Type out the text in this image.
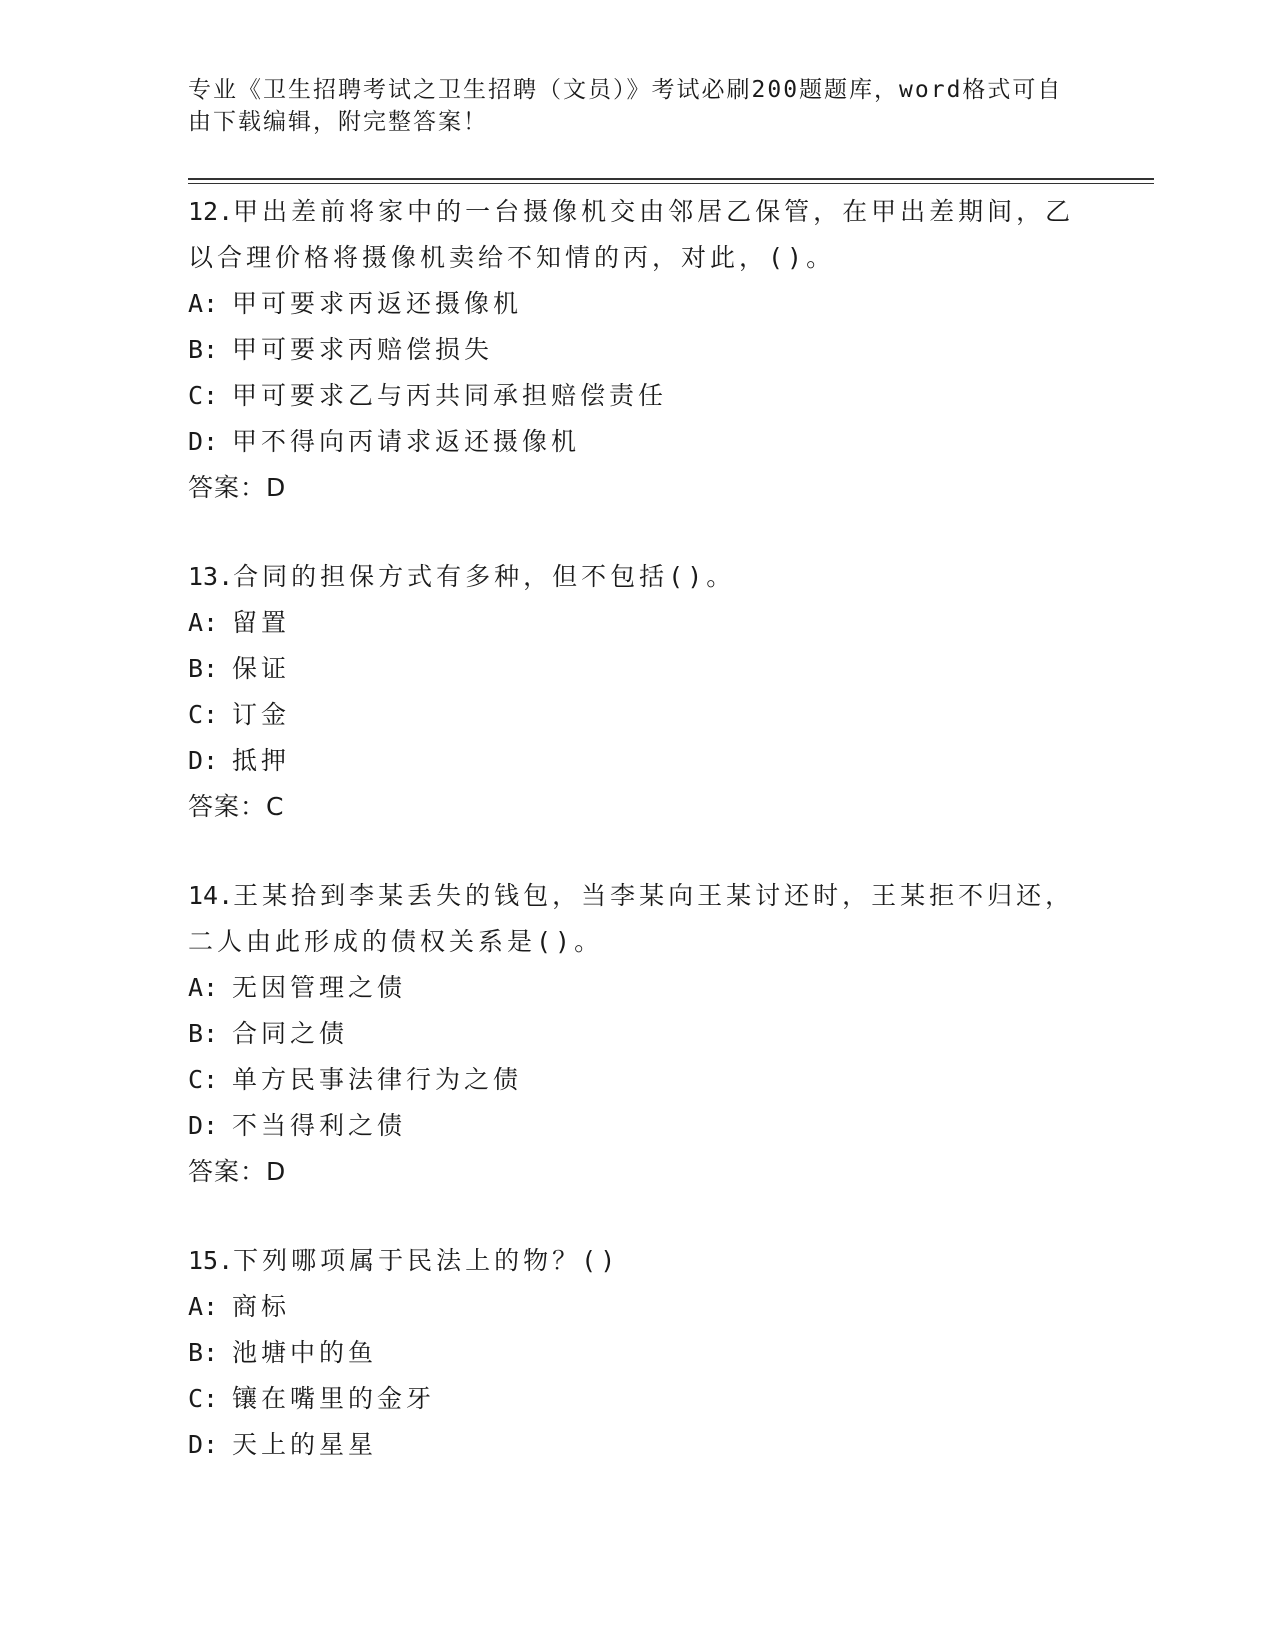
专业《卫生招聘考试之卫生招聘（文员）》考试必刷200题题库，word格式可自
由下载编辑，附完整答案！
12.甲出差前将家中的一台摄像机交由邻居乙保管，在甲出差期间，乙
以合理价格将摄像机卖给不知情的丙，对此，()。
A: 甲可要求丙返还摄像机
B: 甲可要求丙赔偿损失
C: 甲可要求乙与丙共同承担赔偿责任
D: 甲不得向丙请求返还摄像机
答案：D
13.合同的担保方式有多种，但不包括()。
A: 留置
B: 保证
C: 订金
D: 抵押
答案：C
14.王某拾到李某丢失的钱包，当李某向王某讨还时，王某拒不归还，
二人由此形成的债权关系是()。
A: 无因管理之债
B: 合同之债
C: 单方民事法律行为之债
D: 不当得利之债
答案：D
15.下列哪项属于民法上的物？()
A: 商标
B: 池塘中的鱼
C: 镶在嘴里的金牙
D: 天上的星星
